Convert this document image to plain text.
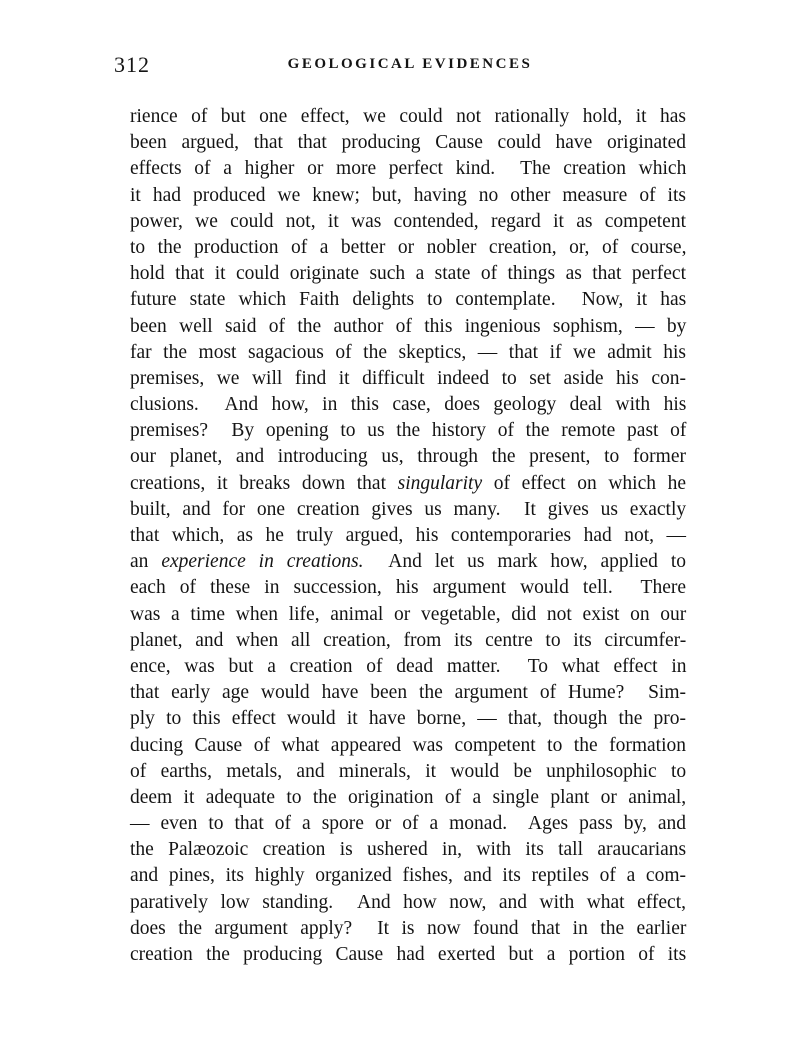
312	GEOLOGICAL EVIDENCES
rience of but one effect, we could not rationally hold, it has
been argued, that that producing Cause could have originated
effects of a higher or more perfect kind.  The creation which
it had produced we knew; but, having no other measure of its
power, we could not, it was contended, regard it as competent
to the production of a better or nobler creation, or, of course,
hold that it could originate such a state of things as that perfect
future state which Faith delights to contemplate.  Now, it has
been well said of the author of this ingenious sophism, — by
far the most sagacious of the skeptics, — that if we admit his
premises, we will find it difficult indeed to set aside his con-
clusions.  And how, in this case, does geology deal with his
premises?  By opening to us the history of the remote past of
our planet, and introducing us, through the present, to former
creations, it breaks down that singularity of effect on which he
built, and for one creation gives us many.  It gives us exactly
that which, as he truly argued, his contemporaries had not, —
an experience in creations.  And let us mark how, applied to
each of these in succession, his argument would tell.  There
was a time when life, animal or vegetable, did not exist on our
planet, and when all creation, from its centre to its circumfer-
ence, was but a creation of dead matter.  To what effect in
that early age would have been the argument of Hume?  Sim-
ply to this effect would it have borne, — that, though the pro-
ducing Cause of what appeared was competent to the formation
of earths, metals, and minerals, it would be unphilosophic to
deem it adequate to the origination of a single plant or animal,
— even to that of a spore or of a monad.  Ages pass by, and
the Palæozoic creation is ushered in, with its tall araucarians
and pines, its highly organized fishes, and its reptiles of a com-
paratively low standing.  And how now, and with what effect,
does the argument apply?  It is now found that in the earlier
creation the producing Cause had exerted but a portion of its
